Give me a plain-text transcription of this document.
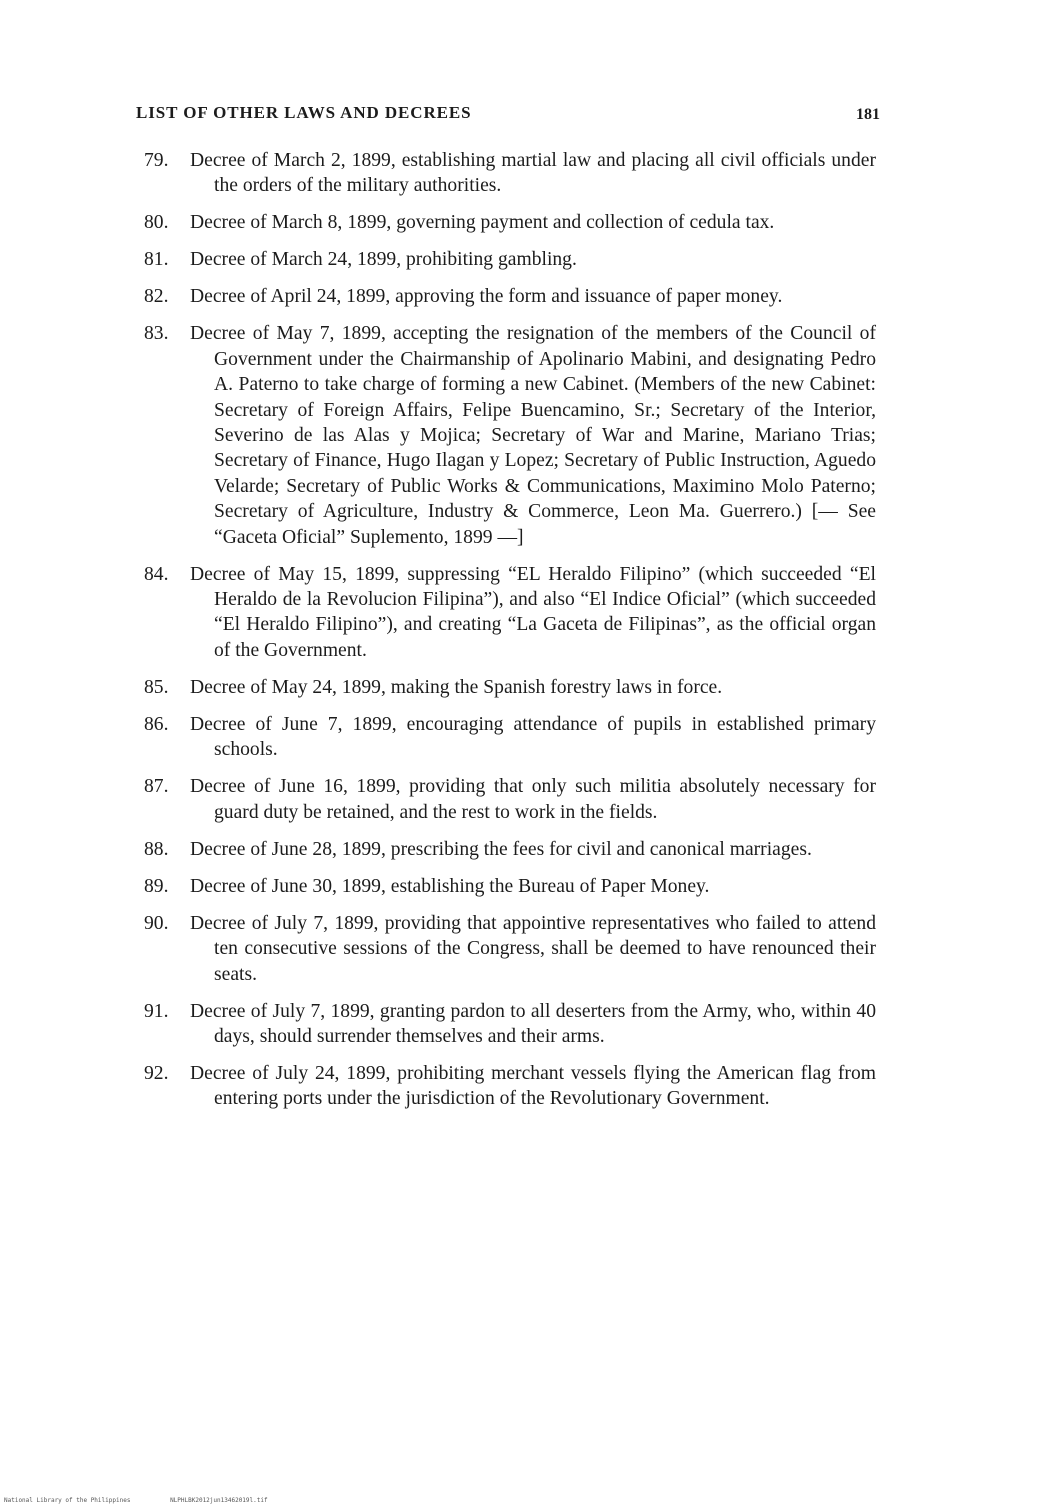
LIST OF OTHER LAWS AND DECREES	181
79. Decree of March 2, 1899, establishing martial law and placing all civil officials under the orders of the military authorities.
80. Decree of March 8, 1899, governing payment and collection of cedula tax.
81. Decree of March 24, 1899, prohibiting gambling.
82. Decree of April 24, 1899, approving the form and issuance of paper money.
83. Decree of May 7, 1899, accepting the resignation of the members of the Council of Government under the Chairmanship of Apolinario Mabini, and designating Pedro A. Paterno to take charge of forming a new Cabinet. (Members of the new Cabinet: Secretary of Foreign Affairs, Felipe Buencamino, Sr.; Secretary of the Interior, Severino de las Alas y Mojica; Secretary of War and Marine, Mariano Trias; Secretary of Finance, Hugo Ilagan y Lopez; Secretary of Public Instruction, Aguedo Velarde; Secretary of Public Works & Communications, Maximino Molo Paterno; Secretary of Agriculture, Industry & Commerce, Leon Ma. Guerrero.) [— See “Gaceta Oficial” Suplemento, 1899 —]
84. Decree of May 15, 1899, suppressing “EL Heraldo Filipino” (which succeeded “El Heraldo de la Revolucion Filipina”), and also “El Indice Oficial” (which succeeded “El Heraldo Filipino”), and creating “La Gaceta de Filipinas”, as the official organ of the Government.
85. Decree of May 24, 1899, making the Spanish forestry laws in force.
86. Decree of June 7, 1899, encouraging attendance of pupils in established primary schools.
87. Decree of June 16, 1899, providing that only such militia absolutely necessary for guard duty be retained, and the rest to work in the fields.
88. Decree of June 28, 1899, prescribing the fees for civil and canonical marriages.
89. Decree of June 30, 1899, establishing the Bureau of Paper Money.
90. Decree of July 7, 1899, providing that appointive representatives who failed to attend ten consecutive sessions of the Congress, shall be deemed to have renounced their seats.
91. Decree of July 7, 1899, granting pardon to all deserters from the Army, who, within 40 days, should surrender themselves and their arms.
92. Decree of July 24, 1899, prohibiting merchant vessels flying the American flag from entering ports under the jurisdiction of the Revolutionary Government.
National Library of the Philippines	NLPHLBK2012jun13462019l.tif
